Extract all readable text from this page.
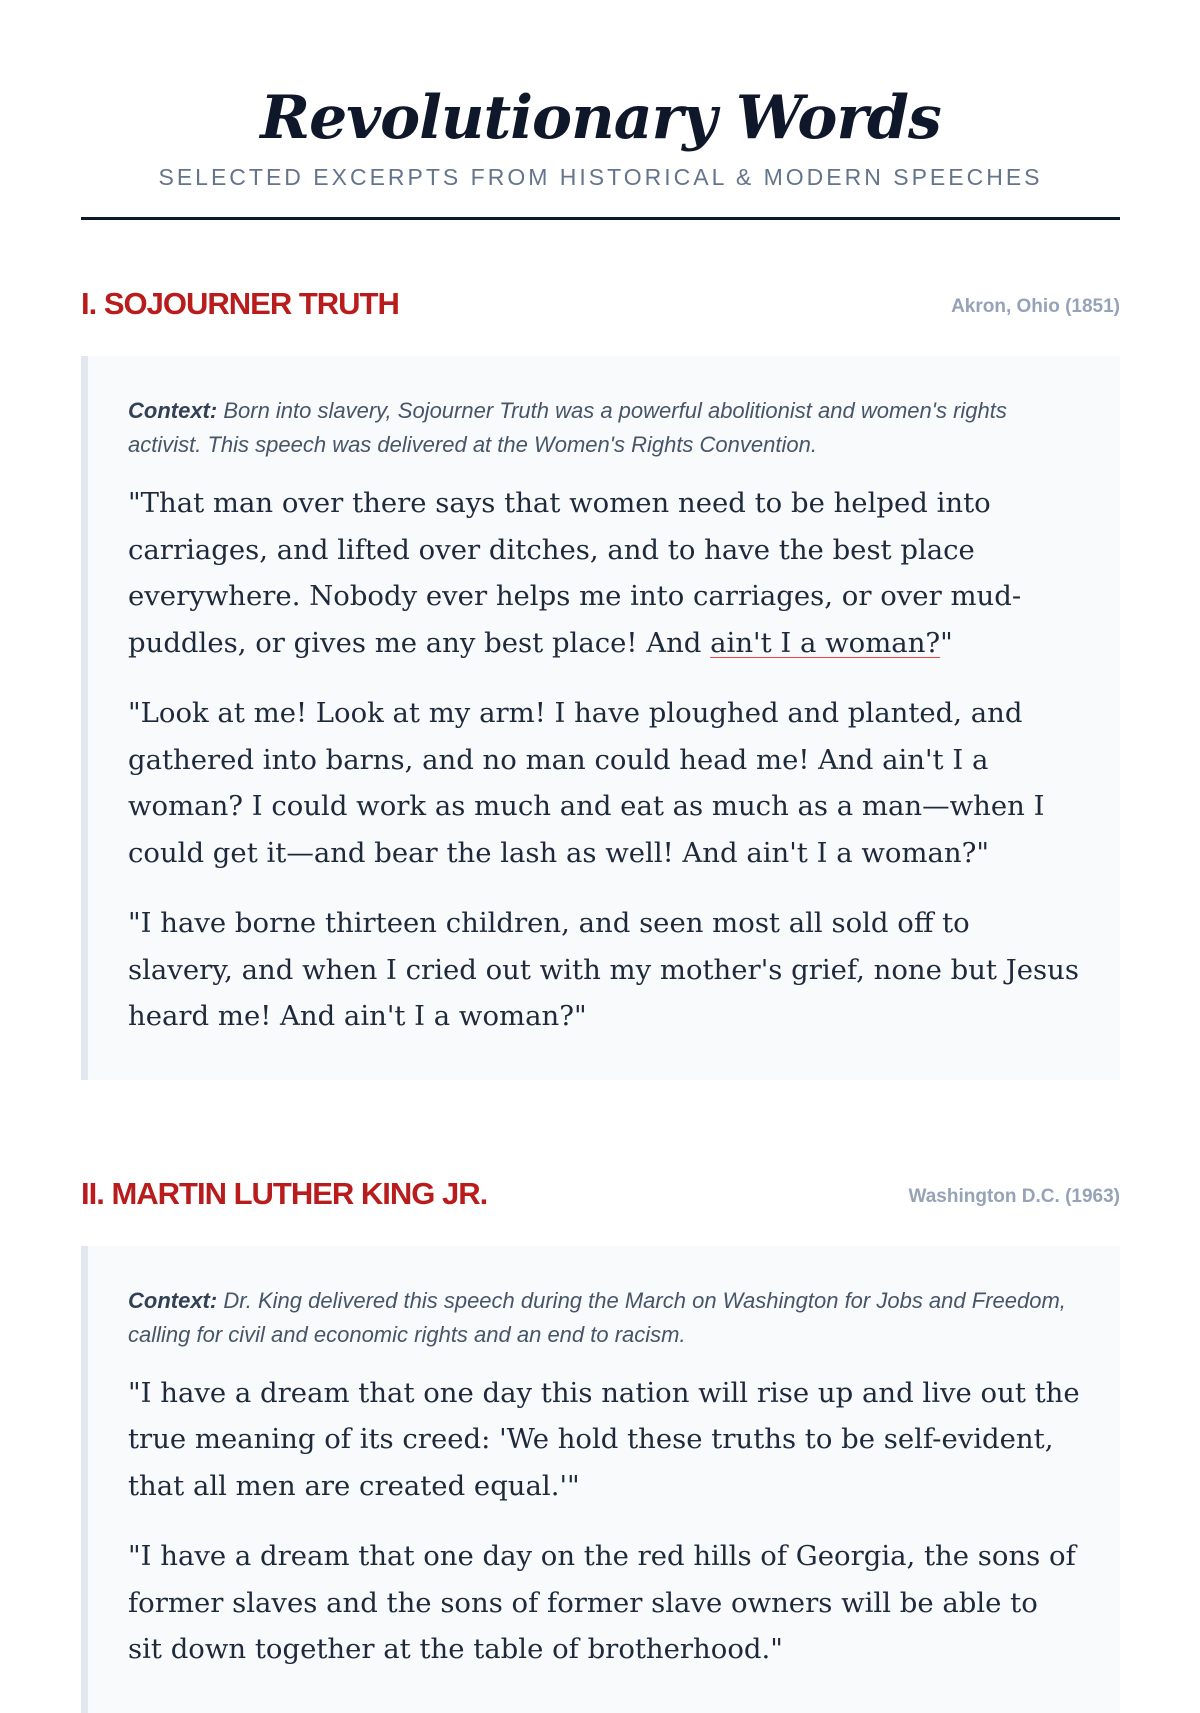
Revolutionary Words
SELECTED EXCERPTS FROM HISTORICAL & MODERN SPEECHES
I. SOJOURNER TRUTH	Akron, Ohio (1851)

Context: Born into slavery, Sojourner Truth was a powerful abolitionist and women's rights activist. This speech was delivered at the Women's Rights Convention.

"That man over there says that women need to be helped into carriages, and lifted over ditches, and to have the best place everywhere. Nobody ever helps me into carriages, or over mud-puddles, or gives me any best place! And ain't I a woman?"

"Look at me! Look at my arm! I have ploughed and planted, and gathered into barns, and no man could head me! And ain't I a woman? I could work as much and eat as much as a man—when I could get it—and bear the lash as well! And ain't I a woman?"

"I have borne thirteen children, and seen most all sold off to slavery, and when I cried out with my mother's grief, none but Jesus heard me! And ain't I a woman?"

II. MARTIN LUTHER KING JR.	Washington D.C. (1963)

Context: Dr. King delivered this speech during the March on Washington for Jobs and Freedom, calling for civil and economic rights and an end to racism.

"I have a dream that one day this nation will rise up and live out the true meaning of its creed: 'We hold these truths to be self-evident, that all men are created equal.'"

"I have a dream that one day on the red hills of Georgia, the sons of former slaves and the sons of former slave owners will be able to sit down together at the table of brotherhood."
